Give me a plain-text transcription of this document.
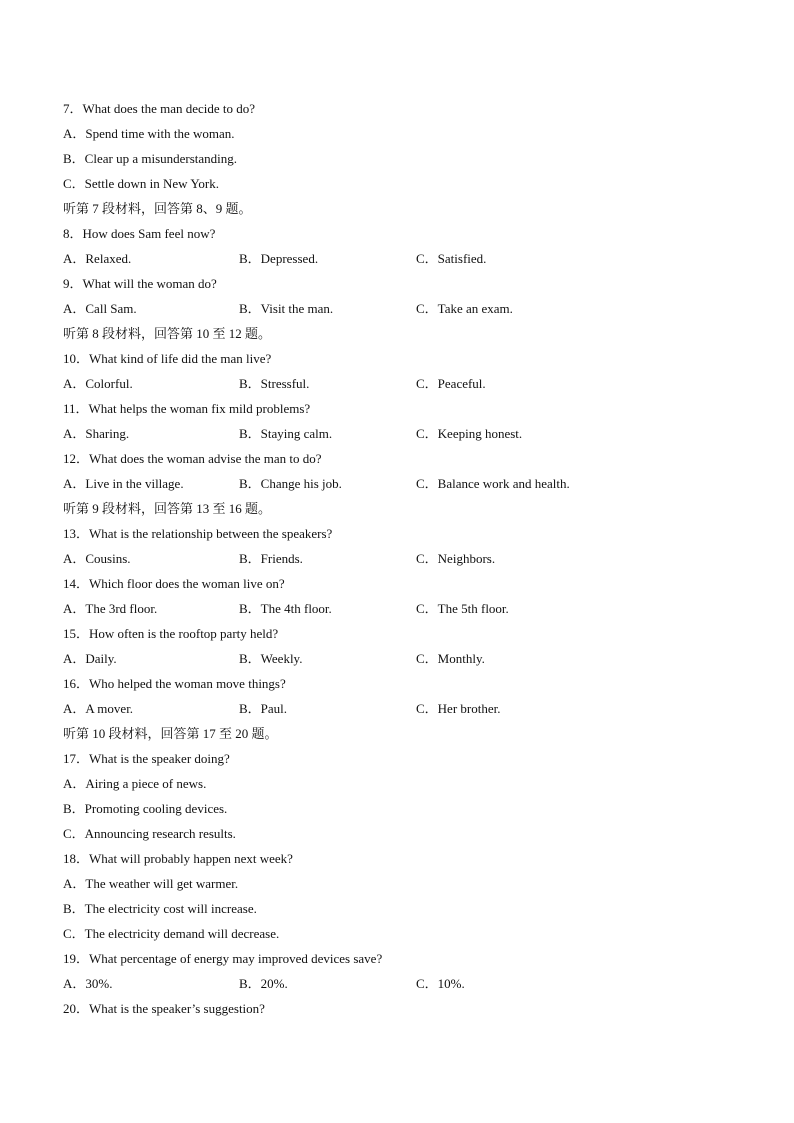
7．What does the man decide to do?
A．Spend time with the woman.
B．Clear up a misunderstanding.
C．Settle down in New York.
听第 7 段材料，回答第 8、9 题。
8．How does Sam feel now?
A．Relaxed.	B．Depressed.	C．Satisfied.
9．What will the woman do?
A．Call Sam.	B．Visit the man.	C．Take an exam.
听第 8 段材料，回答第 10 至 12 题。
10．What kind of life did the man live?
A．Colorful.	B．Stressful.	C．Peaceful.
11．What helps the woman fix mild problems?
A．Sharing.	B．Staying calm.	C．Keeping honest.
12．What does the woman advise the man to do?
A．Live in the village.	B．Change his job.	C．Balance work and health.
听第 9 段材料，回答第 13 至 16 题。
13．What is the relationship between the speakers?
A．Cousins.	B．Friends.	C．Neighbors.
14．Which floor does the woman live on?
A．The 3rd floor.	B．The 4th floor.	C．The 5th floor.
15．How often is the rooftop party held?
A．Daily.	B．Weekly.	C．Monthly.
16．Who helped the woman move things?
A．A mover.	B．Paul.	C．Her brother.
听第 10 段材料，回答第 17 至 20 题。
17．What is the speaker doing?
A．Airing a piece of news.
B．Promoting cooling devices.
C．Announcing research results.
18．What will probably happen next week?
A．The weather will get warmer.
B．The electricity cost will increase.
C．The electricity demand will decrease.
19．What percentage of energy may improved devices save?
A．30%.	B．20%.	C．10%.
20．What is the speaker’s suggestion?
